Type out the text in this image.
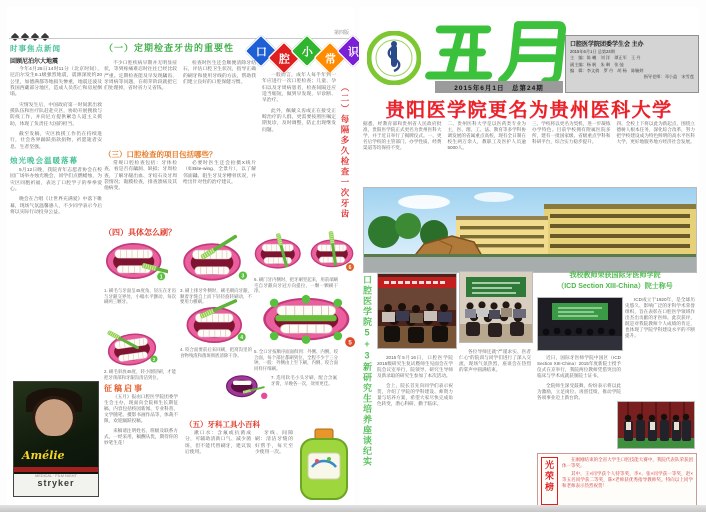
第四版
时事焦点新闻
回顾尼泊尔大地震

今年4月25日14时11分（北京时间），尼泊尔发生8.1级强烈地震，震源深度约20公里，加德满都等地损失惨重，地震还波及我国西藏部分地区，造成人员伤亡和房屋倒塌。

灾情发生后，中国政府第一时间派出救援队伍和医疗队赶赴灾区，协助开展搜救与防疫工作，并向尼方提供紧急人道主义援助，体现了负责任大国的担当。

截至发稿，灾区救援工作仍在持续进行，社会各界踊跃捐款捐物，祈愿逝者安息、生者坚强。

烛光晚会温暖落幕

5月12日晚，我院青年志愿者协会在校园广场举办烛光晚会，同学们点燃蜡烛，为灾区同胞祈福，表达了口腔学子的拳拳爱心。

晚会在合唱《让世界充满爱》中落下帷幕，现场气氛温馨感人，不少同学表示今后将以实际行动投身公益。

Amélie
MEDICAL · FILM NIGHT
stryker
（一）定期检查牙齿的重要性	口
腔
小
常
识

不少口腔疾病早期并无明显症状，等到疼痛难忍时往往已经比较严重。定期检查能及早发现龋齿、牙周病等问题，在萌芽阶段就把它们处理掉，省时省力又省钱。

检查时医生还会顺便清除牙结石，评估口腔卫生状况，指导正确的刷牙和使用牙线的方法，帮助我们建立良好的口腔保健习惯。

一般而言，成年人每半年到一年应进行一次口腔检查；儿童、孕妇以及牙周病患者，检查间隔还应适当缩短，做到早发现、早诊断、早治疗。

此外，佩戴义齿或正在接受正畸治疗的人群，更需要按照医嘱定期复诊，及时调整，防止出现继发问题。	（二）每隔多久检查一次牙齿
（三）口腔检查的项目包括哪些？

常规口腔检查包括：牙体检查，看是否有龋洞、缺损；牙周检查，了解牙龈出血、牙结石及牙周袋情况；黏膜检查，排查溃疡及其他病变。

必要时医生还会拍摄X线片（如Bite-wing、全景片），以了解邻面龋、阻生牙及牙槽骨状况，并给出针对性的治疗建议。

（四）具体怎么刷？
1
1. 刷毛与牙面呈45度角，轻压在牙齿与牙龈交界处，小幅水平颤动，每次刷两三颗牙。
3
3. 刷上排牙外侧时，刷毛朝向牙龈，顺着牙缝自上而下轻轻旋转刷动，不要用力横刷。
6
6. 刷门牙内侧时，把牙刷竖起来，用前端刷毛自牙龈向牙冠方向提拉，一颗一颗刷干净。
4
4. 咬合面要前后来回刷，把窝沟里的食物残渣和菌斑彻底清除干净。
5
5. 全口牙按顺序面面俱到：外侧、内侧、咬合面，每个部位都刷到位，全程不少于三分钟。一般：外侧由上至下刷，内侧、咬合面同样仔细刷。
2
2. 刷毛斜放45度，转小圈轻刷，才能把牙颈部和牙龈沟清洁到位。	7. 选用软毛小头牙刷，配合含氟牙膏，早晚各一次，效果更佳。
征稿启事

《五月》报由口腔医学院团委学生会主办，现面向全院师生长期征稿。内容包括校园新闻、专业科普、文学随笔、摄影书画作品等，体裁不限，欢迎踊跃投稿。

来稿请注明姓名、班级及联系方式。一经采用，稿酬从优，期待你的妙笔生花！

（五）牙科工具小百科

漱口水：含氟或抗菌成分，可辅助清新口气、减少菌斑，但不能代替刷牙，建议饭后使用。

牙线、间隙刷：清洁牙缝的好帮手，每天至少使用一次。

2015年6月1日　总第24期
口腔医学院团委学生会 主办
2015年6月1日 总第24期
主　编：陈 曦　刘 洋　谭正军　王 丹
副主编：杨 帆　朱 琳　张 弛
编　辑：李文倩　罗 丹　胡 杨　陈毓婷
指导老师：邓小盈　宋雪莲
贵阳医学院更名为贵州医科大学
据悉，经教育部和贵州省人民政府批准，贵阳医学院正式更名为贵州医科大学，并于近日举行了揭牌仪式。一、更名后学校的主管部门、办学性质、经费渠道等均保持不变。
二、贵州医科大学是以医药类专业为主，医、理、工、法、教育等多学科协调发展的省属重点高校，现有全日制在校生两万余人，教职工及医护人员逾5000人。
三、学校将以更名为契机，进一步凝练办学特色。目前学校拥有附属医院多所，建有一批国家级、省级重点学科和科研平台，综合实力稳步提升。
四、全校上下将以此为新起点，围绕立德树人根本任务，深化综合改革，努力把学校建设成为特色鲜明的高水平医科大学，更好地服务地方经济社会发展。
口腔医学院5+3新研究生培养座谈纪实	2015年5月16日，口腔医学院2015级研究生复试暨师生见面会在学院会议室举行，院领导、研究生导师及新录取的研究生参加了本次活动。

会上，院长首先向同学们表示祝贺，介绍了学院的学科建设、师资力量与培养方案，希望大家尽快完成角色转变，潜心科研、勤于临床。

各位导师还就“严谨求实、医者仁心”的院训与同学们进行了深入交流，现场气氛热烈，座谈会在热烈的掌声中圆满结束。

我校教师荣获国际牙医师学院
（ICD Section XIII-China）院士称号

近日，国际牙医师学院中国区（ICD Section XIII-China）2015年度新院士授予仪式在京举行，我院两位教师凭借突出的临床与学术成就获颁院士证书。

全院师生深受鼓舞，纷纷表示将以此为激励，立足岗位、再创佳绩，推动学院各项事业迈上新台阶。

ICD成立于1920年，是全球历史悠久、影响广泛的牙科学术荣誉组织，旨在表彰在口腔医学领域作出杰出贡献的牙医师。此次获评，既是对我院教师个人成绩的肯定，也体现了学院学科建设水平的不断提升。

光荣榜

在刚刚结束的全省大学生口腔技能大赛中，我院代表队荣获团体一等奖。

其中，王×同学获个人特等奖，李×、张×同学获一等奖，赵×等五名同学获二等奖，陈×老师获优秀指导教师奖。特向以上同学和老师表示热烈祝贺！
